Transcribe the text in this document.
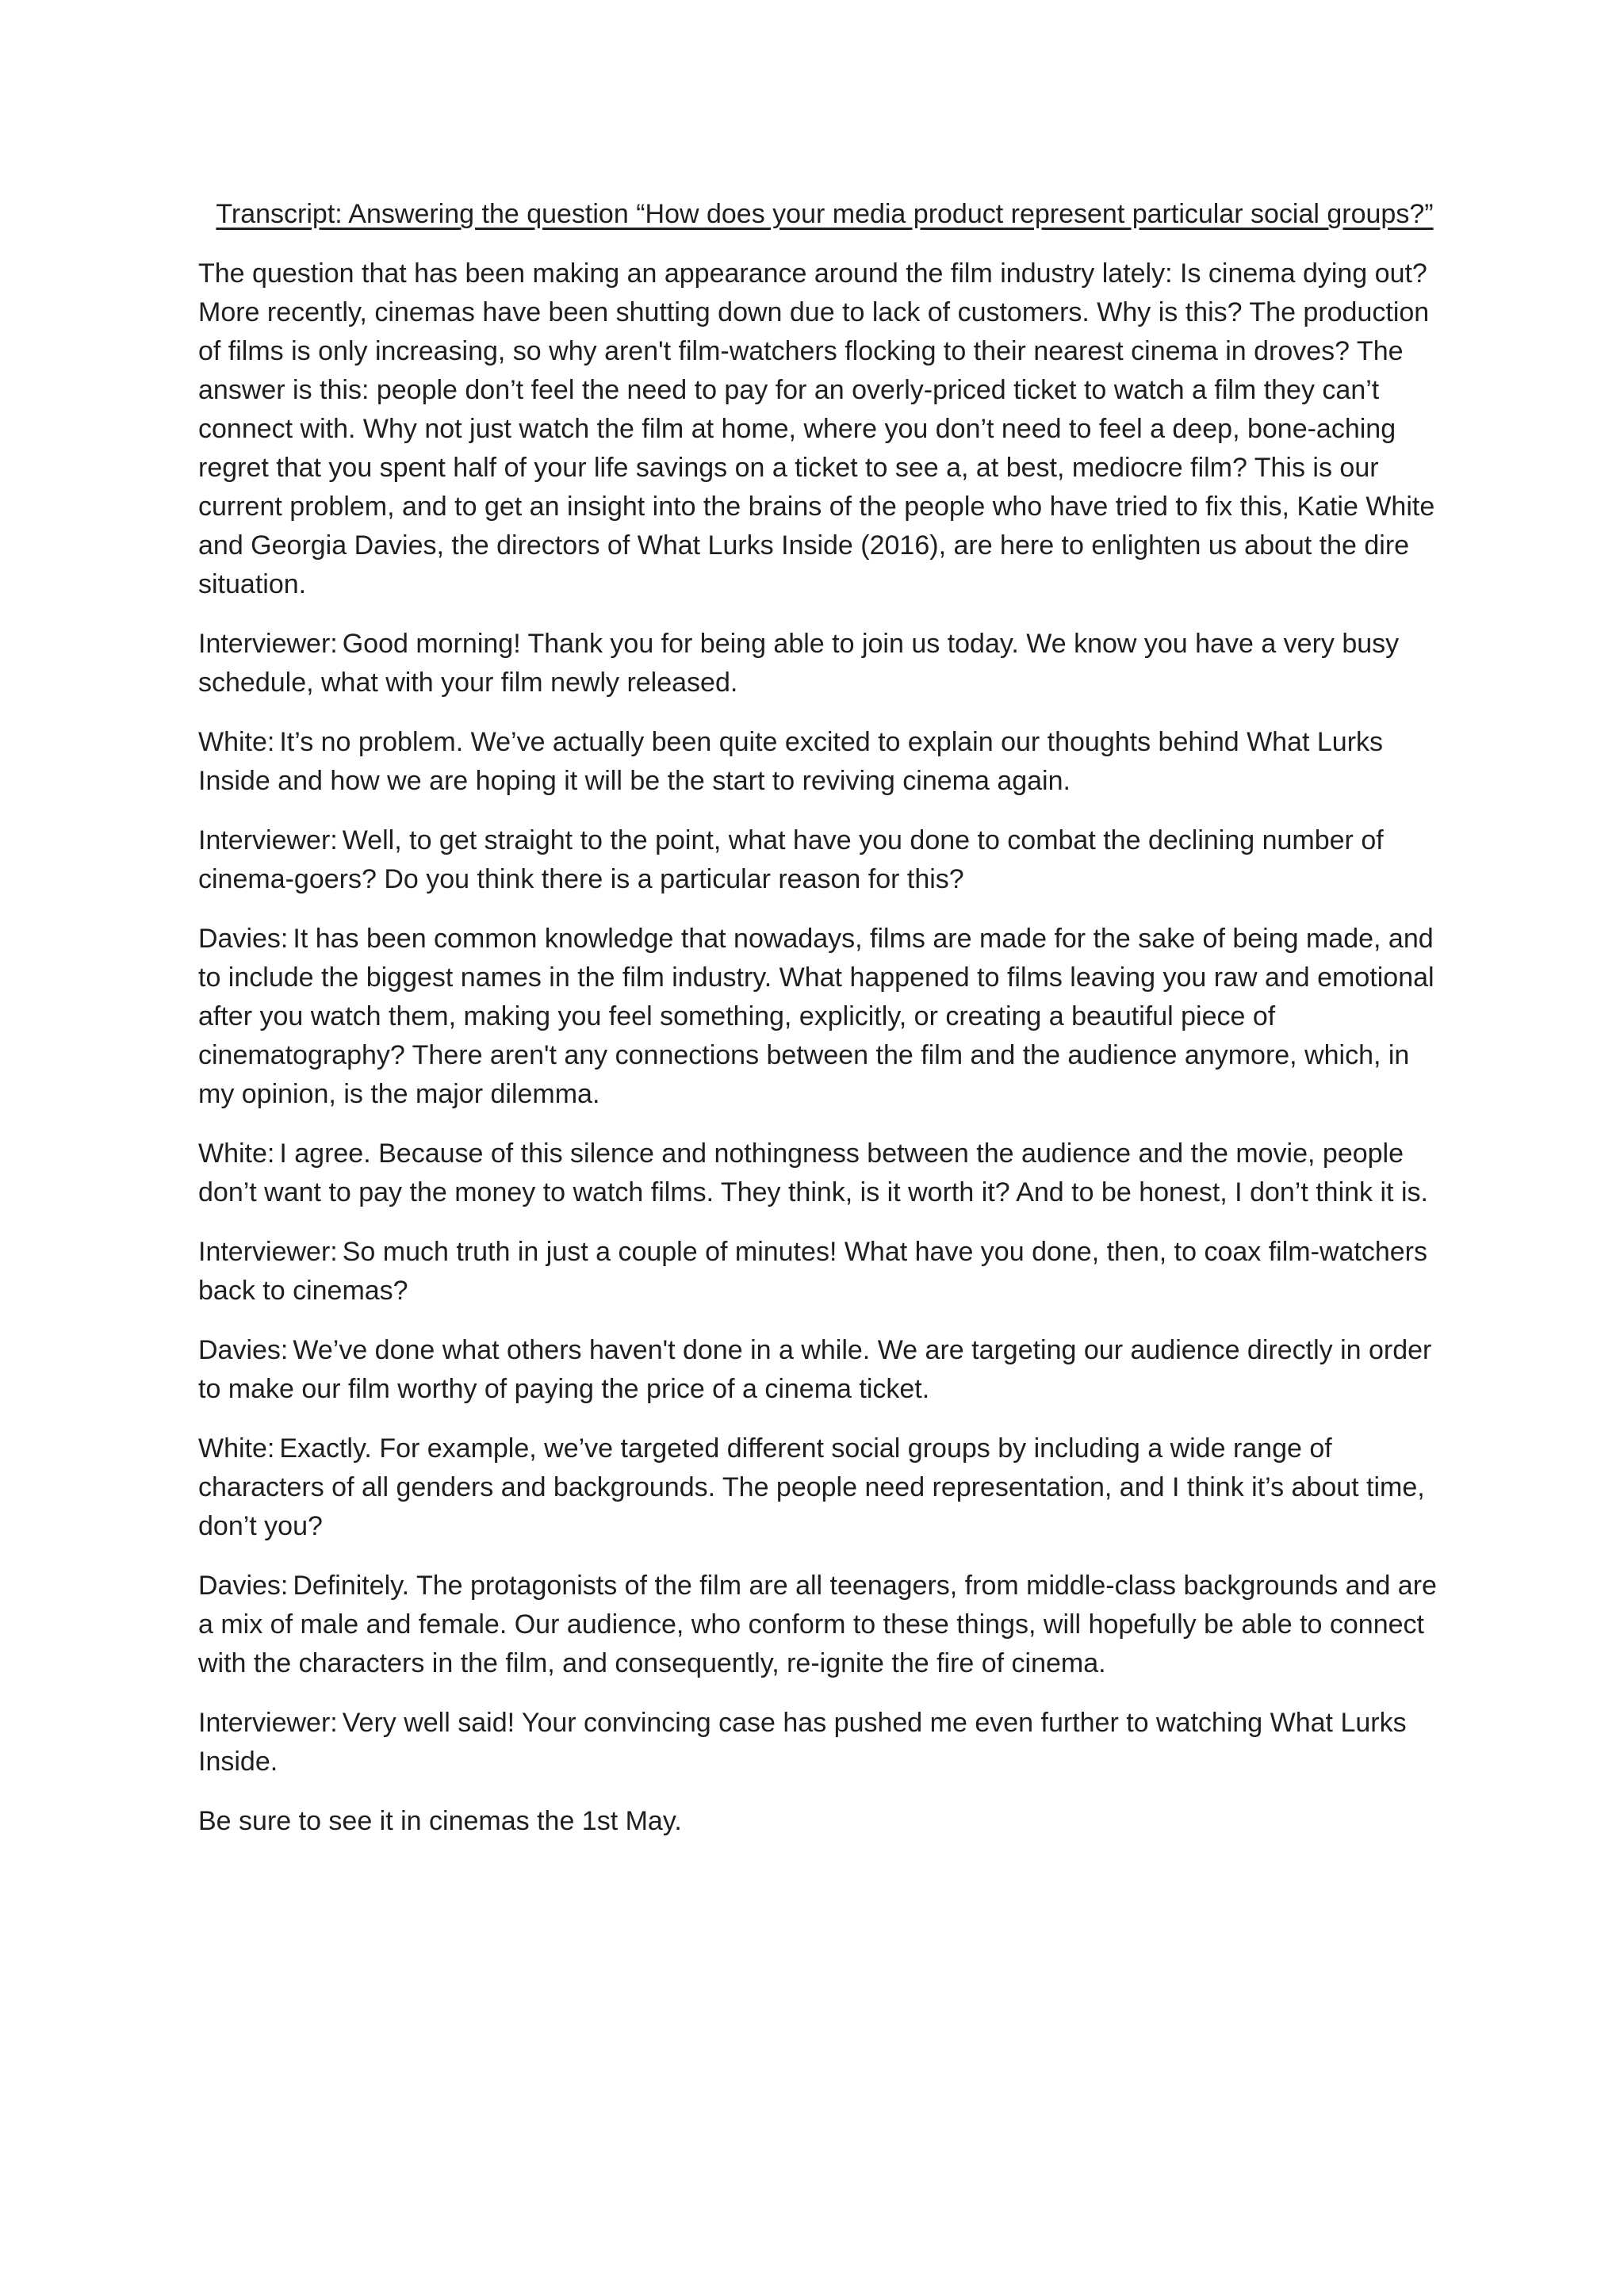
Transcript: Answering the question “How does your media product represent particular social groups?”

The question that has been making an appearance around the film industry lately: Is cinema dying out? More recently, cinemas have been shutting down due to lack of customers. Why is this? The production of films is only increasing, so why aren't film-watchers flocking to their nearest cinema in droves? The answer is this: people don’t feel the need to pay for an overly-priced ticket to watch a film they can’t connect with. Why not just watch the film at home, where you don’t need to feel a deep, bone-aching regret that you spent half of your life savings on a ticket to see a, at best, mediocre film? This is our current problem, and to get an insight into the brains of the people who have tried to fix this, Katie White and Georgia Davies, the directors of What Lurks Inside (2016), are here to enlighten us about the dire situation.

Interviewer: Good morning! Thank you for being able to join us today. We know you have a very busy schedule, what with your film newly released.

White: It’s no problem. We’ve actually been quite excited to explain our thoughts behind What Lurks Inside and how we are hoping it will be the start to reviving cinema again.

Interviewer: Well, to get straight to the point, what have you done to combat the declining number of cinema-goers? Do you think there is a particular reason for this?

Davies: It has been common knowledge that nowadays, films are made for the sake of being made, and to include the biggest names in the film industry. What happened to films leaving you raw and emotional after you watch them, making you feel something, explicitly, or creating a beautiful piece of cinematography? There aren't any connections between the film and the audience anymore, which, in my opinion, is the major dilemma.

White: I agree. Because of this silence and nothingness between the audience and the movie, people don’t want to pay the money to watch films. They think, is it worth it? And to be honest, I don’t think it is.

Interviewer: So much truth in just a couple of minutes! What have you done, then, to coax film-watchers back to cinemas?

Davies: We’ve done what others haven't done in a while. We are targeting our audience directly in order to make our film worthy of paying the price of a cinema ticket.

White: Exactly. For example, we’ve targeted different social groups by including a wide range of characters of all genders and backgrounds. The people need representation, and I think it’s about time, don’t you?

Davies: Definitely. The protagonists of the film are all teenagers, from middle-class backgrounds and are a mix of male and female. Our audience, who conform to these things, will hopefully be able to connect with the characters in the film, and consequently, re-ignite the fire of cinema.

Interviewer: Very well said! Your convincing case has pushed me even further to watching What Lurks Inside.

Be sure to see it in cinemas the 1st May.
